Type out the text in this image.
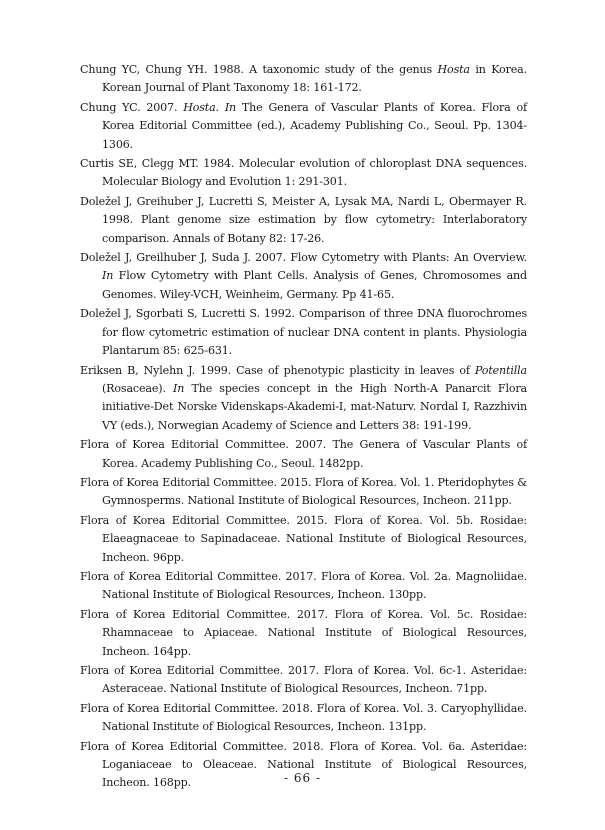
Chung YC, Chung YH. 1988. A taxonomic study of the genus Hosta in Korea. Korean Journal of Plant Taxonomy 18: 161-172.
Chung YC. 2007. Hosta. In The Genera of Vascular Plants of Korea. Flora of Korea Editorial Committee (ed.), Academy Publishing Co., Seoul. Pp. 1304-1306.
Curtis SE, Clegg MT. 1984. Molecular evolution of chloroplast DNA sequences. Molecular Biology and Evolution 1: 291-301.
Doležel J, Greihuber J, Lucretti S, Meister A, Lysak MA, Nardi L, Obermayer R. 1998. Plant genome size estimation by flow cytometry: Interlaboratory comparison. Annals of Botany 82: 17-26.
Doležel J, Greilhuber J, Suda J. 2007. Flow Cytometry with Plants: An Overview. In Flow Cytometry with Plant Cells. Analysis of Genes, Chromosomes and Genomes. Wiley-VCH, Weinheim, Germany. Pp 41-65.
Doležel J, Sgorbati S, Lucretti S. 1992. Comparison of three DNA fluorochromes for flow cytometric estimation of nuclear DNA content in plants. Physiologia Plantarum 85: 625-631.
Eriksen B, Nylehn J. 1999. Case of phenotypic plasticity in leaves of Potentilla (Rosaceae). In The species concept in the High North-A Panarcit Flora initiative-Det Norske Videnskaps-Akademi-I, mat-Naturv. Nordal I, Razzhivin VY (eds.), Norwegian Academy of Science and Letters 38: 191-199.
Flora of Korea Editorial Committee. 2007. The Genera of Vascular Plants of Korea. Academy Publishing Co., Seoul. 1482pp.
Flora of Korea Editorial Committee. 2015. Flora of Korea. Vol. 1. Pteridophytes & Gymnosperms. National Institute of Biological Resources, Incheon. 211pp.
Flora of Korea Editorial Committee. 2015. Flora of Korea. Vol. 5b. Rosidae: Elaeagnaceae to Sapinadaceae. National Institute of Biological Resources, Incheon. 96pp.
Flora of Korea Editorial Committee. 2017. Flora of Korea. Vol. 2a. Magnoliidae. National Institute of Biological Resources, Incheon. 130pp.
Flora of Korea Editorial Committee. 2017. Flora of Korea. Vol. 5c. Rosidae: Rhamnaceae to Apiaceae. National Institute of Biological Resources, Incheon. 164pp.
Flora of Korea Editorial Committee. 2017. Flora of Korea. Vol. 6c-1. Asteridae: Asteraceae. National Institute of Biological Resources, Incheon. 71pp.
Flora of Korea Editorial Committee. 2018. Flora of Korea. Vol. 3. Caryophyllidae. National Institute of Biological Resources, Incheon. 131pp.
Flora of Korea Editorial Committee. 2018. Flora of Korea. Vol. 6a. Asteridae: Loganiaceae to Oleaceae. National Institute of Biological Resources, Incheon. 168pp.	- 66 -
